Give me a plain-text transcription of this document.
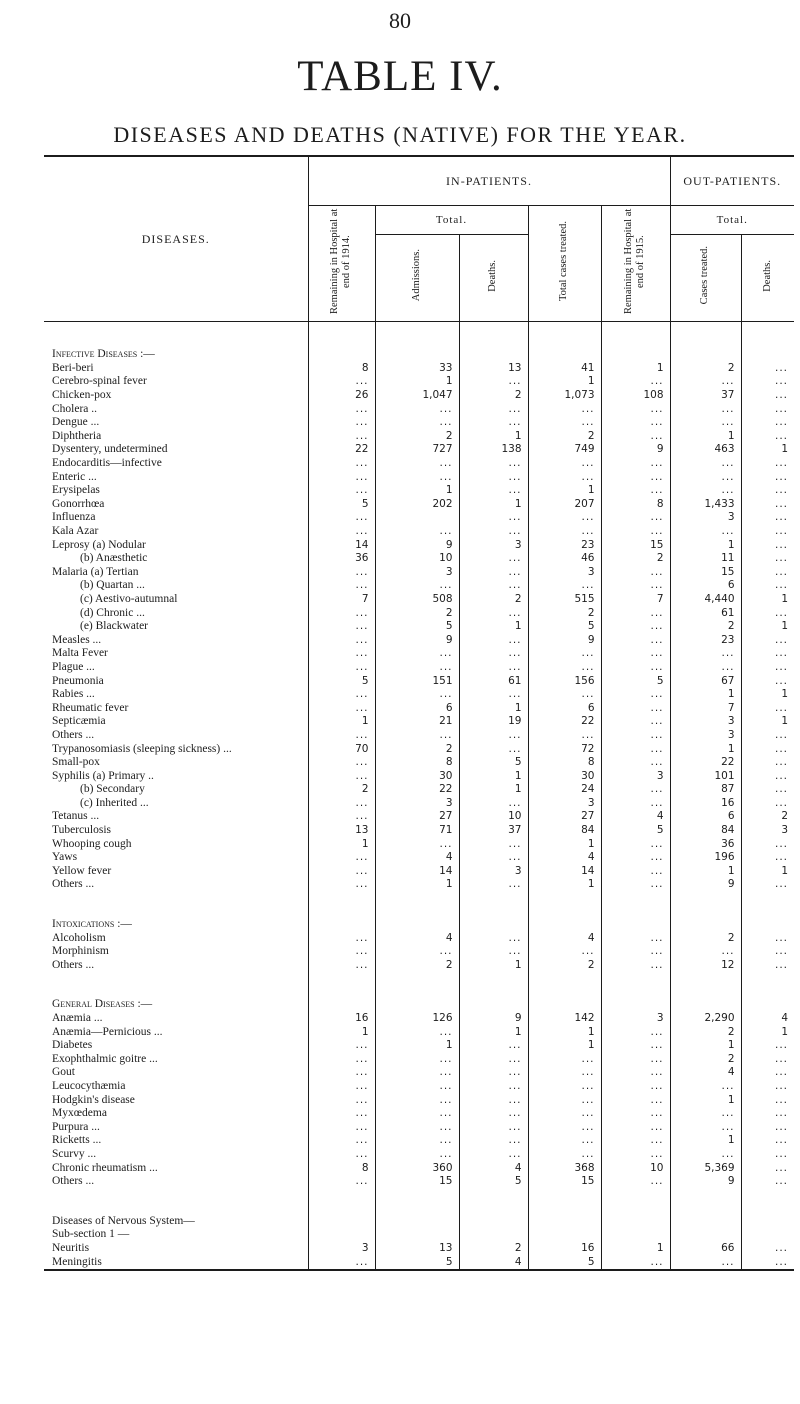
80
TABLE IV.
DISEASES AND DEATHS (NATIVE) FOR THE YEAR.
DISEASES.	IN-PATIENTS.					OUT-PATIENTS.	
	Remaining in Hospital at end of 1914.	Total.		Total cases treated.	Remaining in Hospital at end of 1915.	Total.	
		Admissions.	Deaths.			Cases treated.	Deaths.

Infective Diseases :—							
Beri-beri	8	33	13	41	1	2	...
Cerebro-spinal fever	...	1	...	1	...	...	...
Chicken-pox	26	1,047	2	1,073	108	37	...
Cholera ..	...	...	...	...	...	...	...
Dengue ...	...	...	...	...	...	...	...
Diphtheria	...	2	1	2	...	1	...
Dysentery, undetermined	22	727	138	749	9	463	1
Endocarditis—infective	...	...	...	...	...	...	...
Enteric ...	...	...	...	...	...	...	...
Erysipelas	...	1	...	1	...	...	...
Gonorrhœa	5	202	1	207	8	1,433	...
Influenza	...		...	...	...	3	...
Kala Azar	...	...	...	...	...	...	...
Leprosy (a) Nodular	14	9	3	23	15	1	...
(b) Anæsthetic	36	10	...	46	2	11	...
Malaria (a) Tertian	...	3	...	3	...	15	...
(b) Quartan ...	...	...	...	...	...	6	...
(c) Aestivo-autumnal	7	508	2	515	7	4,440	1
(d) Chronic ...	...	2	...	2	...	61	...
(e) Blackwater	...	5	1	5	...	2	1
Measles ...	...	9	...	9	...	23	...
Malta Fever	...	...	...	...	...	...	...
Plague ...	...	...	...	...	...	...	...
Pneumonia	5	151	61	156	5	67	...
Rabies ...	...	...	...	...	...	1	1
Rheumatic fever	...	6	1	6	...	7	...
Septicæmia	1	21	19	22	...	3	1
Others ...	...	...	...	...	...	3	...
Trypanosomiasis (sleeping sickness) ...	70	2	...	72	...	1	...
Small-pox	...	8	5	8	...	22	...
Syphilis (a) Primary ..	...	30	1	30	3	101	...
(b) Secondary	2	22	1	24	...	87	...
(c) Inherited ...	...	3	...	3	...	16	...
Tetanus ...	...	27	10	27	4	6	2
Tuberculosis	13	71	37	84	5	84	3
Whooping cough	1	...	...	1	...	36	...
Yaws	...	4	...	4	...	196	...
Yellow fever	...	14	3	14	...	1	1
Others ...	...	1	...	1	...	9	...

Intoxications :—							
Alcoholism	...	4	...	4	...	2	...
Morphinism	...	...	...	...	...	...	...
Others ...	...	2	1	2	...	12	...

General Diseases :—							
Anæmia ...	16	126	9	142	3	2,290	4
Anæmia—Pernicious ...	1	...	1	1	...	2	1
Diabetes	...	1	...	1	...	1	...
Exophthalmic goitre ...	...	...	...	...	...	2	...
Gout	...	...	...	...	...	4	...
Leucocythæmia	...	...	...	...	...	...	...
Hodgkin's disease	...	...	...	...	...	1	...
Myxœdema	...	...	...	...	...	...	...
Purpura ...	...	...	...	...	...	...	...
Ricketts ...	...	...	...	...	...	1	...
Scurvy ...	...	...	...	...	...	...	...
Chronic rheumatism ...	8	360	4	368	10	5,369	...
Others ...	...	15	5	15	...	9	...

Diseases of Nervous System—							
Sub-section 1 —							
Neuritis	3	13	2	16	1	66	...
Meningitis	...	5	4	5	...	...	...
